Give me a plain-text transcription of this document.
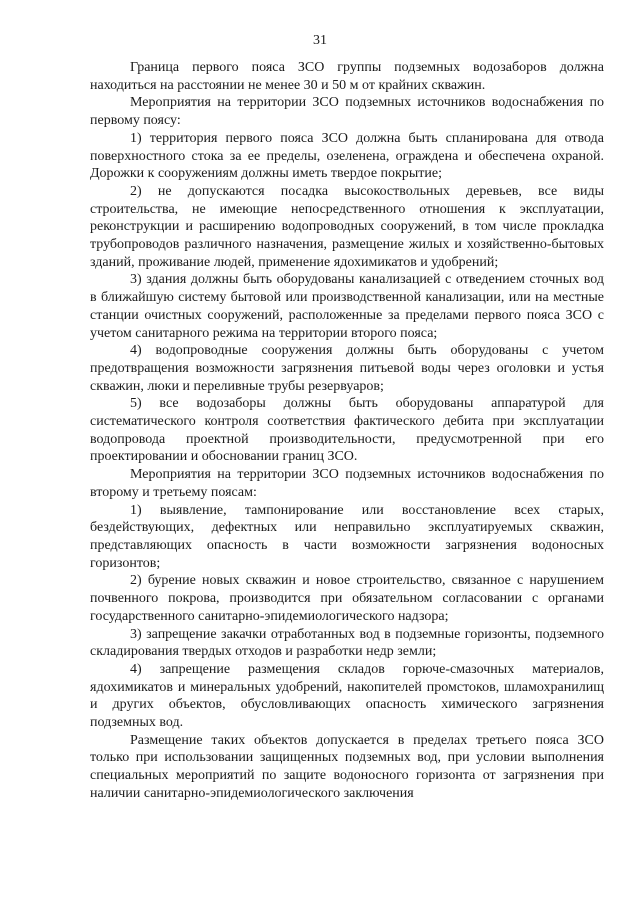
31

Граница первого пояса ЗСО группы подземных водозаборов должна находиться на расстоянии не менее 30 и 50 м от крайних скважин.

Мероприятия на территории ЗСО подземных источников водоснабжения по первому поясу:

1) территория первого пояса ЗСО должна быть спланирована для отвода поверхностного стока за ее пределы, озеленена, ограждена и обеспечена охраной. Дорожки к сооружениям должны иметь твердое покрытие;

2) не допускаются посадка высокоствольных деревьев, все виды строительства, не имеющие непосредственного отношения к эксплуатации, реконструкции и расширению водопроводных сооружений, в том числе прокладка трубопроводов различного назначения, размещение жилых и хозяйственно-бытовых зданий, проживание людей, применение ядохимикатов и удобрений;

3) здания должны быть оборудованы канализацией с отведением сточных вод в ближайшую систему бытовой или производственной канализации, или на местные станции очистных сооружений, расположенные за пределами первого пояса ЗСО с учетом санитарного режима на территории второго пояса;

4) водопроводные сооружения должны быть оборудованы с учетом предотвращения возможности загрязнения питьевой воды через оголовки и устья скважин, люки и переливные трубы резервуаров;

5) все водозаборы должны быть оборудованы аппаратурой для систематического контроля соответствия фактического дебита при эксплуатации водопровода проектной производительности, предусмотренной при его проектировании и обосновании границ ЗСО.

Мероприятия на территории ЗСО подземных источников водоснабжения по второму и третьему поясам:

1) выявление, тампонирование или восстановление всех старых, бездействующих, дефектных или неправильно эксплуатируемых скважин, представляющих опасность в части возможности загрязнения водоносных горизонтов;

2) бурение новых скважин и новое строительство, связанное с нарушением почвенного покрова, производится при обязательном согласовании с органами государственного санитарно-эпидемиологического надзора;

3) запрещение закачки отработанных вод в подземные горизонты, подземного складирования твердых отходов и разработки недр земли;

4) запрещение размещения складов горюче-смазочных материалов, ядохимикатов и минеральных удобрений, накопителей промстоков, шламохранилищ и других объектов, обусловливающих опасность химического загрязнения подземных вод.

Размещение таких объектов допускается в пределах третьего пояса ЗСО только при использовании защищенных подземных вод, при условии выполнения специальных мероприятий по защите водоносного горизонта от загрязнения при наличии санитарно-эпидемиологического заключения
